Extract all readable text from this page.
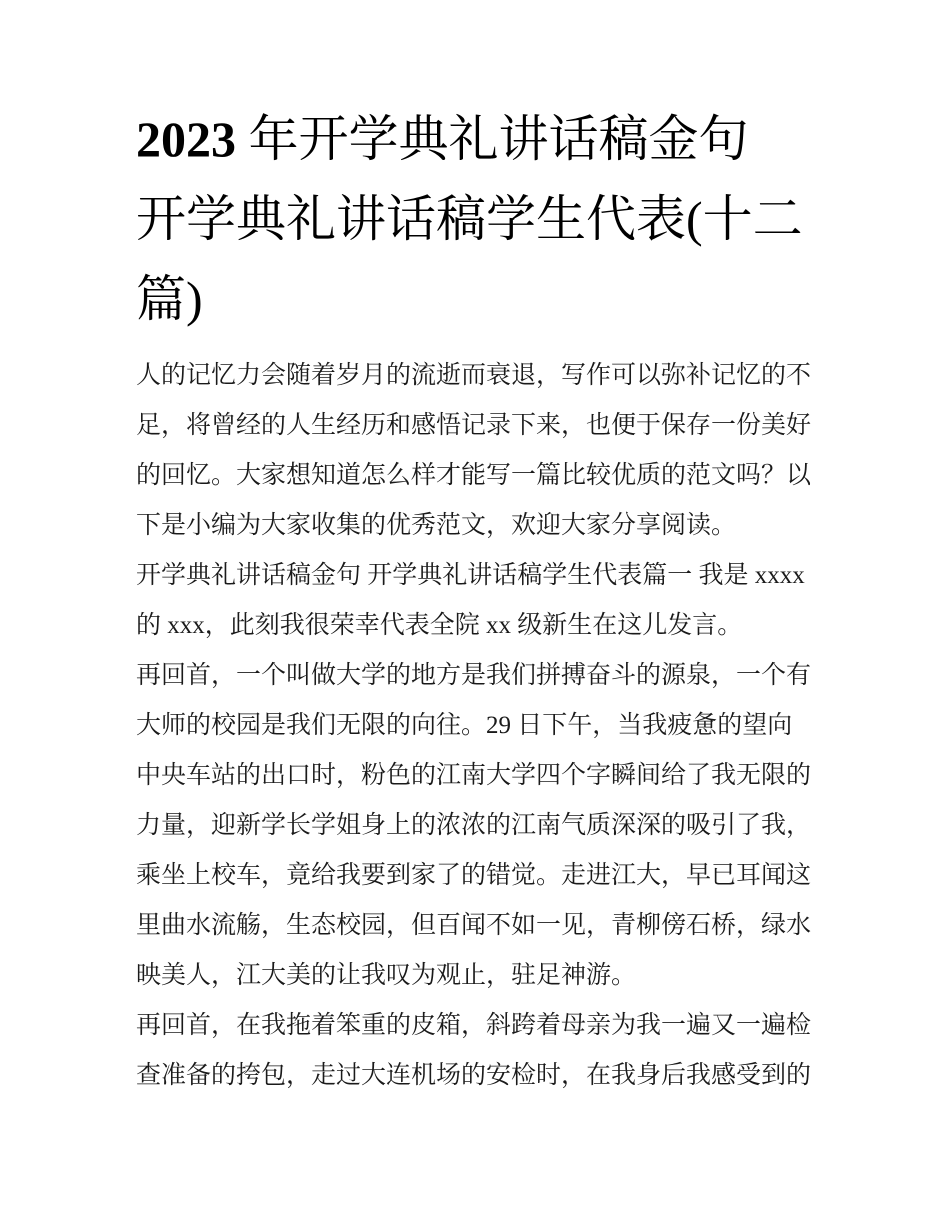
2023 年开学典礼讲话稿金句
开学典礼讲话稿学生代表(十二
篇)
人的记忆力会随着岁月的流逝而衰退，写作可以弥补记忆的不
足，将曾经的人生经历和感悟记录下来，也便于保存一份美好
的回忆。大家想知道怎么样才能写一篇比较优质的范文吗？以
下是小编为大家收集的优秀范文，欢迎大家分享阅读。
开学典礼讲话稿金句 开学典礼讲话稿学生代表篇一 我是 xxxx
的 xxx，此刻我很荣幸代表全院 xx 级新生在这儿发言。
再回首，一个叫做大学的地方是我们拼搏奋斗的源泉，一个有
大师的校园是我们无限的向往。29 日下午，当我疲惫的望向
中央车站的出口时，粉色的江南大学四个字瞬间给了我无限的
力量，迎新学长学姐身上的浓浓的江南气质深深的吸引了我，
乘坐上校车，竟给我要到家了的错觉。走进江大，早已耳闻这
里曲水流觞，生态校园，但百闻不如一见，青柳傍石桥，绿水
映美人，江大美的让我叹为观止，驻足神游。
再回首，在我拖着笨重的皮箱，斜跨着母亲为我一遍又一遍检
查准备的挎包，走过大连机场的安检时，在我身后我感受到的
